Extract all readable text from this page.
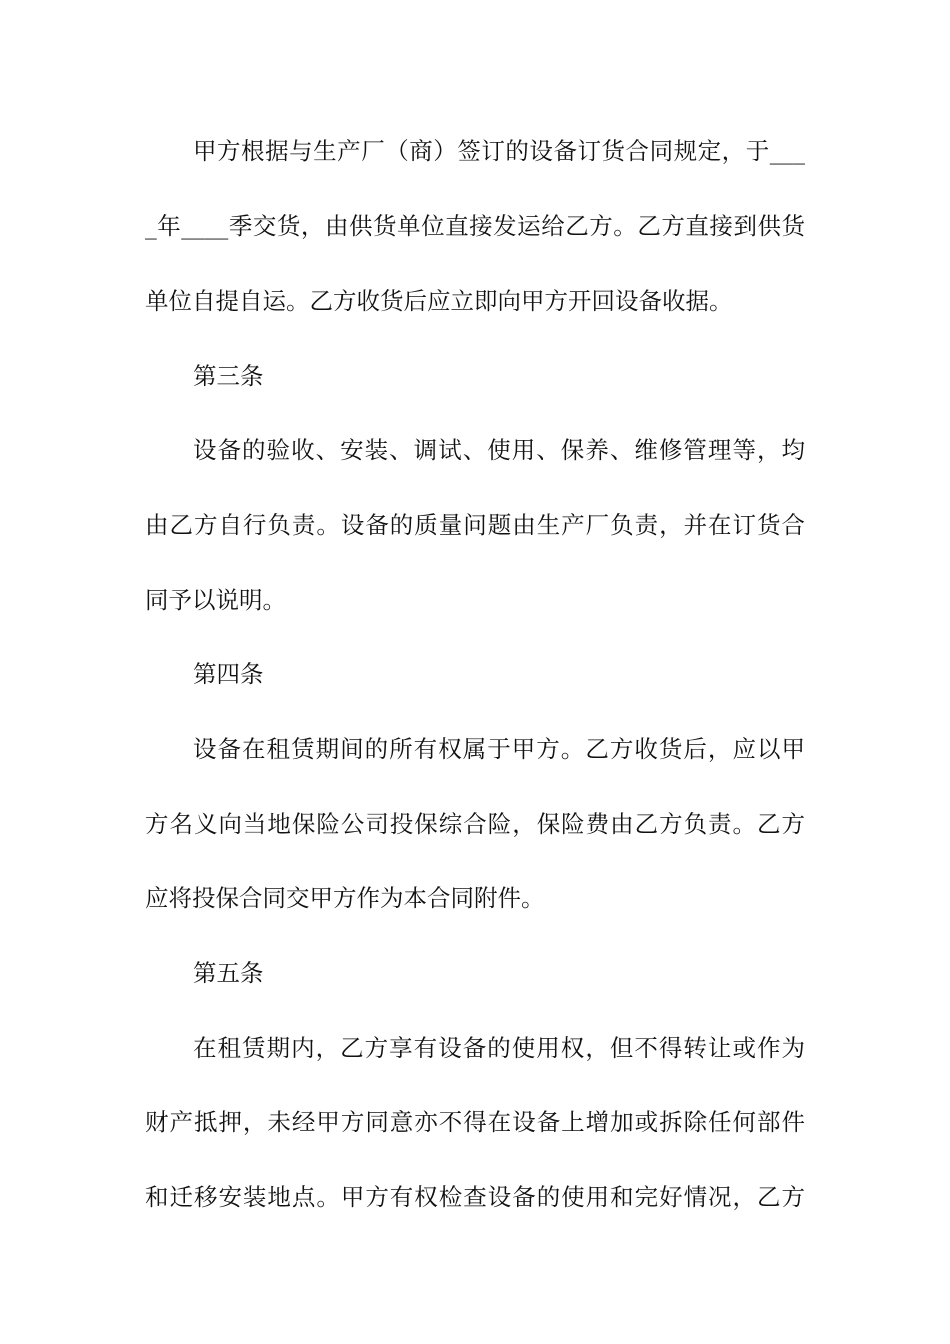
甲方根据与生产厂（商）签订的设备订货合同规定，于___
_年____季交货，由供货单位直接发运给乙方。乙方直接到供货
单位自提自运。乙方收货后应立即向甲方开回设备收据。
第三条
设备的验收、安装、调试、使用、保养、维修管理等，均
由乙方自行负责。设备的质量问题由生产厂负责，并在订货合
同予以说明。
第四条
设备在租赁期间的所有权属于甲方。乙方收货后，应以甲
方名义向当地保险公司投保综合险，保险费由乙方负责。乙方
应将投保合同交甲方作为本合同附件。
第五条
在租赁期内，乙方享有设备的使用权，但不得转让或作为
财产抵押，未经甲方同意亦不得在设备上增加或拆除任何部件
和迁移安装地点。甲方有权检查设备的使用和完好情况，乙方
